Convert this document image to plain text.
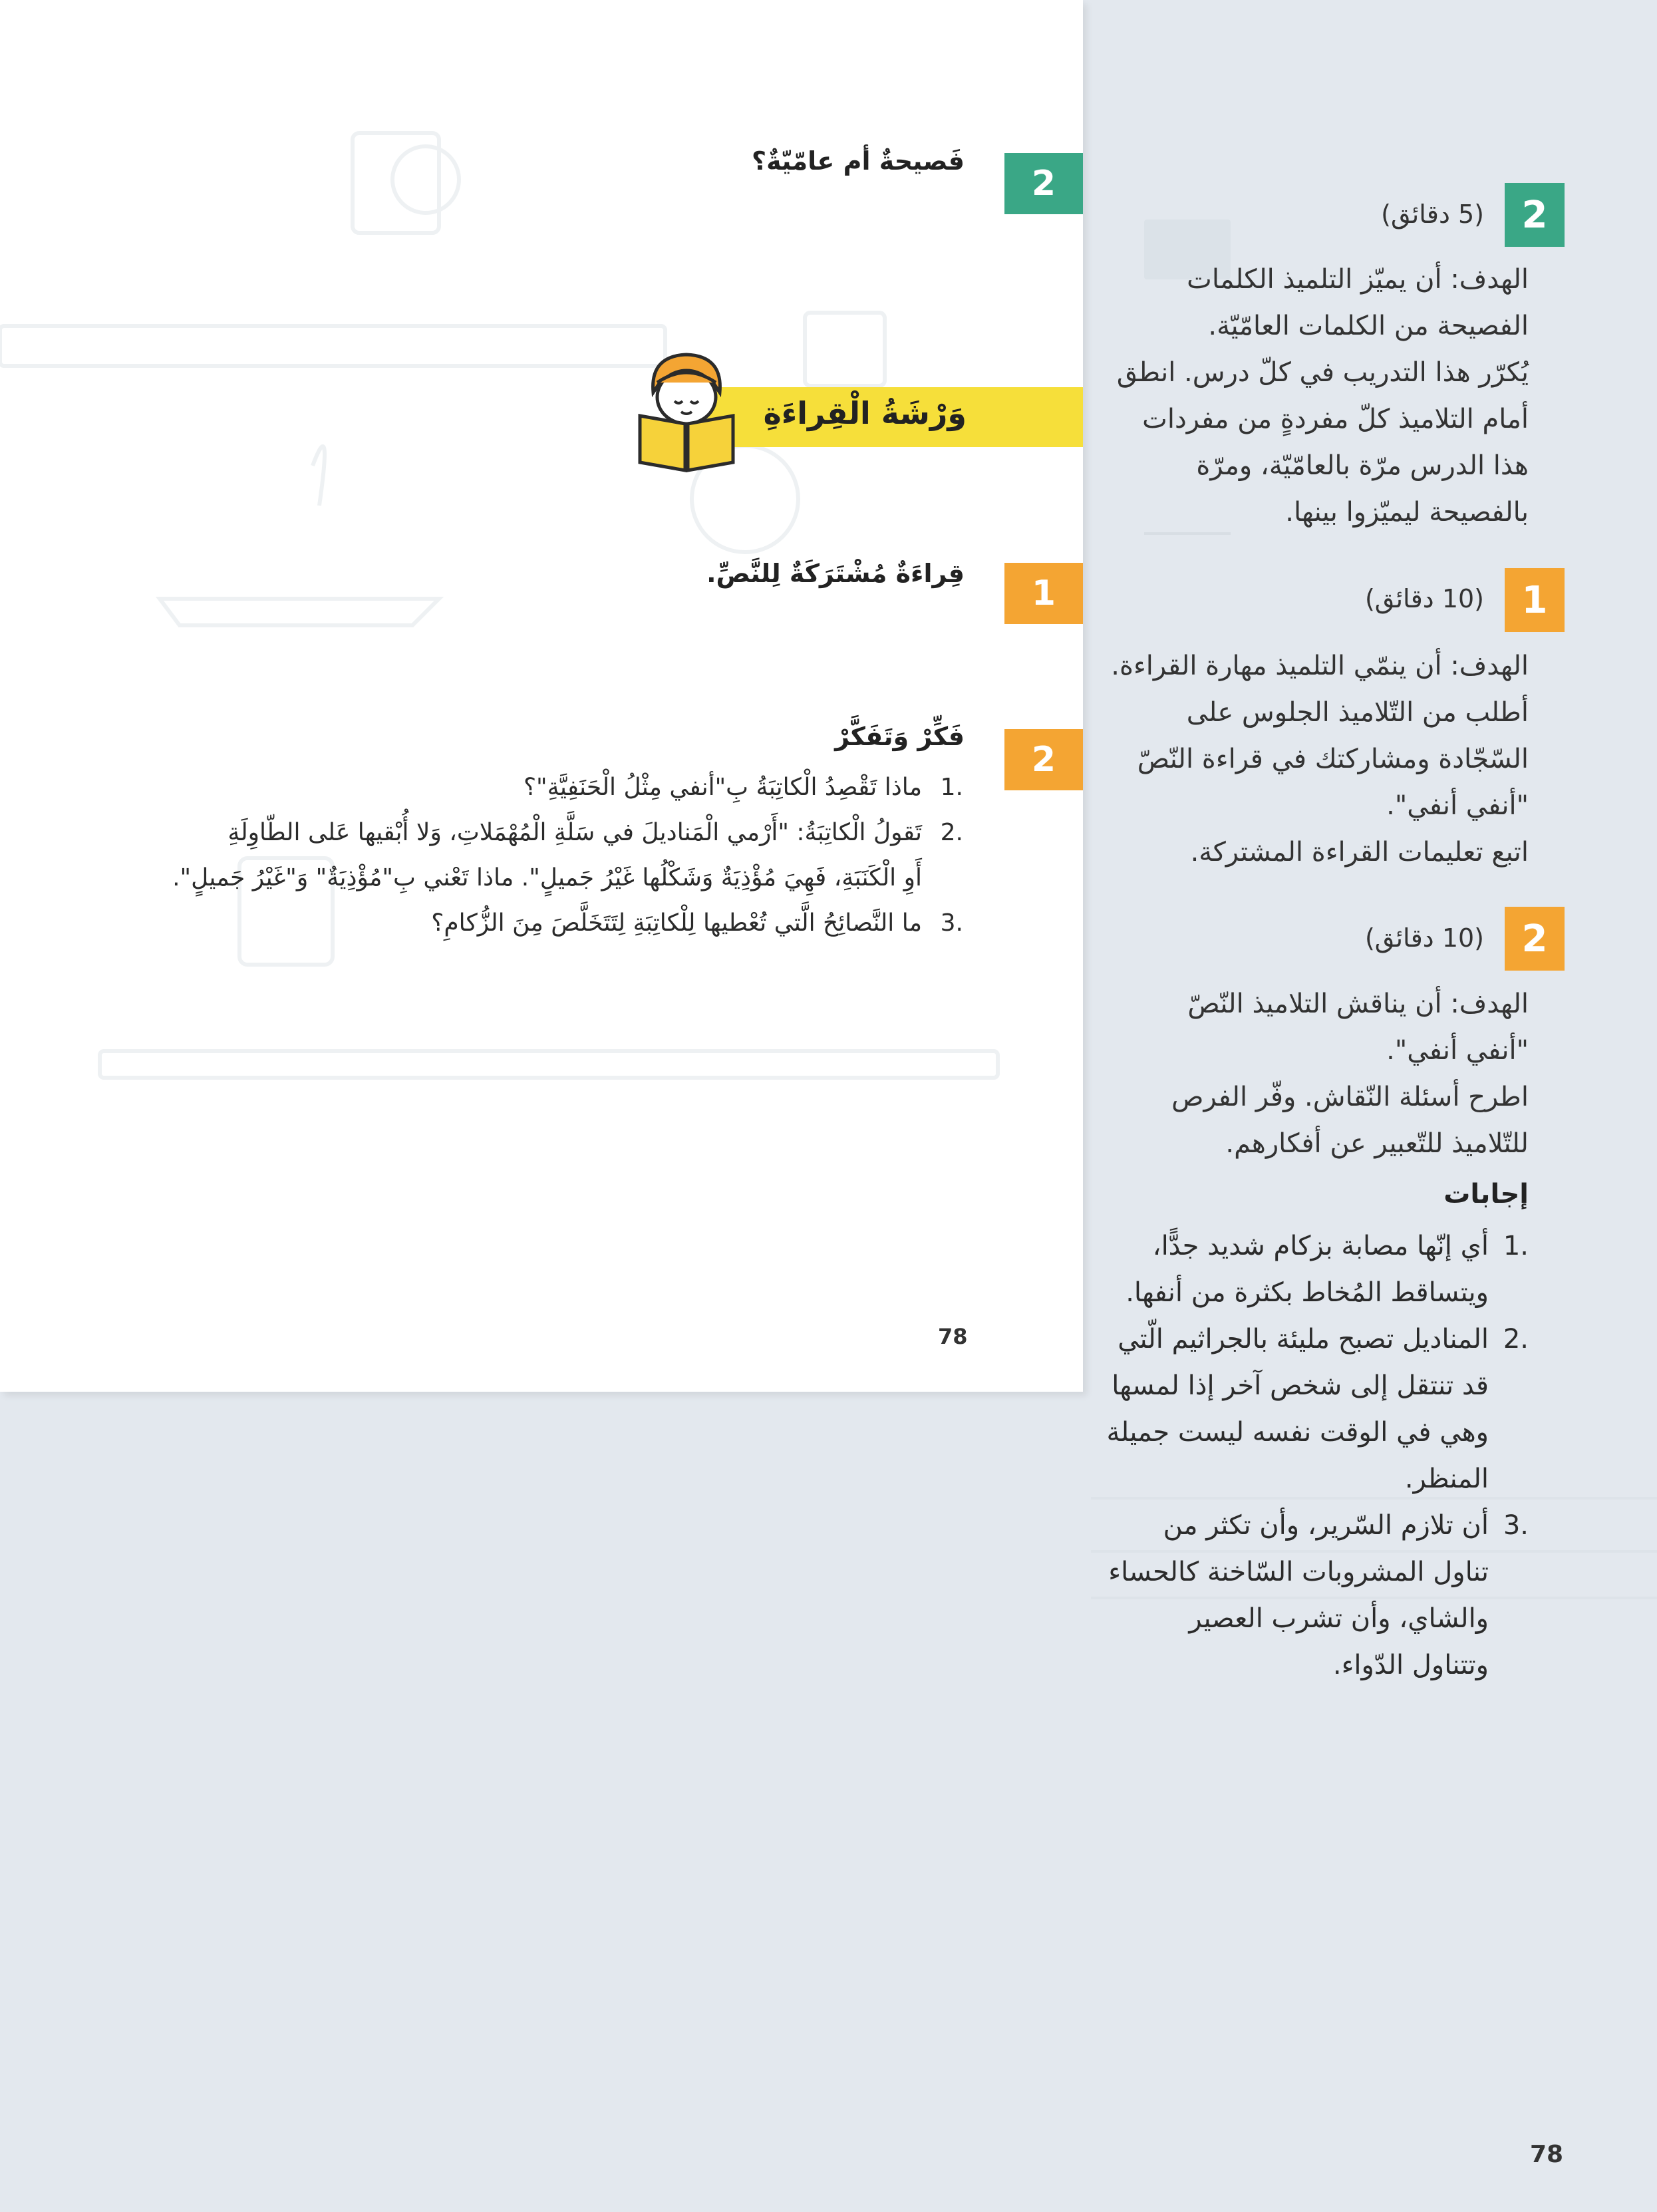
2
فَصيحةٌ أم عامّيّةٌ؟
وَرْشَةُ الْقِراءَةِ
1
قِراءَةٌ مُشْتَرَكَةٌ لِلنَّصِّ.
2
فَكِّرْ وَتَفَكَّرْ
1.
ماذا تَقْصِدُ الْكاتِبَةُ بِ"أنفي مِثْلُ الْحَنَفِيَّةِ"؟
2.
تَقولُ الْكاتِبَةُ: "أَرْمي الْمَناديلَ في سَلَّةِ الْمُهْمَلاتِ، وَلا أُبْقيها عَلى الطّاوِلَةِ
أَوِ الْكَنَبَةِ، فَهِيَ مُؤْذِيَةٌ وَشَكْلُها غَيْرُ جَميلٍ". ماذا تَعْني بِ"مُؤْذِيَةٌ" وَ"غَيْرُ جَميلٍ".
3.
ما النَّصائِحُ الَّتي تُعْطيها لِلْكاتِبَةِ لِتَتَخَلَّصَ مِنَ الزُّكامِ؟
78
2
(5 دقائق)
الهدف: أن يميّز التلميذ الكلمات
الفصيحة من الكلمات العامّيّة.
يُكرّر هذا التدريب في كلّ درس. انطق
أمام التلاميذ كلّ مفردةٍ من مفردات
هذا الدرس مرّة بالعامّيّة، ومرّة
بالفصيحة ليميّزوا بينها.
1
(10 دقائق)
الهدف: أن ينمّي التلميذ مهارة القراءة.
أطلب من التّلاميذ الجلوس على
السّجّادة ومشاركتك في قراءة النّصّ
"أنفي أنفي".
اتبع تعليمات القراءة المشتركة.
2
(10 دقائق)
الهدف: أن يناقش التلاميذ النّصّ
"أنفي أنفي".
اطرح أسئلة النّقاش. وفّر الفرص
للتّلاميذ للتّعبير عن أفكارهم.
إجابات
1.
أي إنّها مصابة بزكام شديد جدًّا،
ويتساقط المُخاط بكثرة من أنفها.
2.
المناديل تصبح مليئة بالجراثيم الّتي
قد تنتقل إلى شخص آخر إذا لمسها
وهي في الوقت نفسه ليست جميلة
المنظر.
3.
أن تلازم السّرير، وأن تكثر من
تناول المشروبات السّاخنة كالحساء
والشاي، وأن تشرب العصير
وتتناول الدّواء.
78
